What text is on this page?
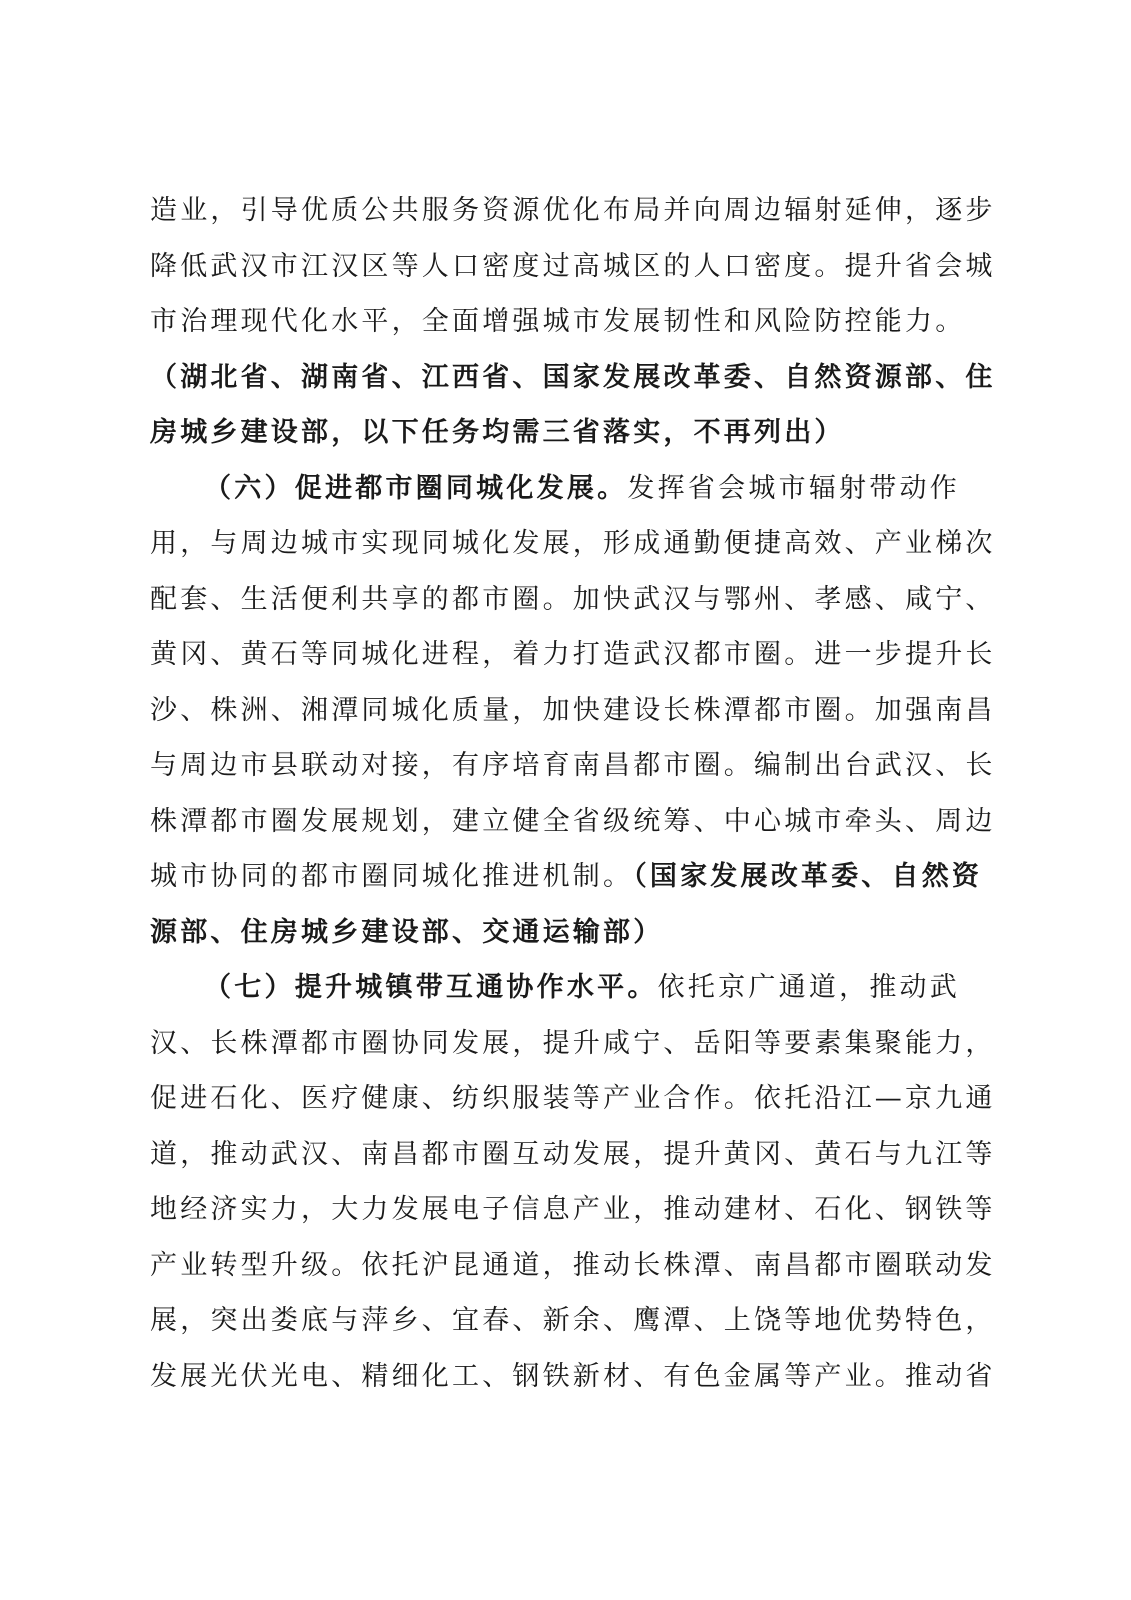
造业，引导优质公共服务资源优化布局并向周边辐射延伸，逐步
降低武汉市江汉区等人口密度过高城区的人口密度。提升省会城
市治理现代化水平，全面增强城市发展韧性和风险防控能力。
（湖北省、湖南省、江西省、国家发展改革委、自然资源部、住
房城乡建设部，以下任务均需三省落实，不再列出）
（六）促进都市圈同城化发展。发挥省会城市辐射带动作
用，与周边城市实现同城化发展，形成通勤便捷高效、产业梯次
配套、生活便利共享的都市圈。加快武汉与鄂州、孝感、咸宁、
黄冈、黄石等同城化进程，着力打造武汉都市圈。进一步提升长
沙、株洲、湘潭同城化质量，加快建设长株潭都市圈。加强南昌
与周边市县联动对接，有序培育南昌都市圈。编制出台武汉、长
株潭都市圈发展规划，建立健全省级统筹、中心城市牵头、周边
城市协同的都市圈同城化推进机制。（国家发展改革委、自然资
源部、住房城乡建设部、交通运输部）
（七）提升城镇带互通协作水平。依托京广通道，推动武
汉、长株潭都市圈协同发展，提升咸宁、岳阳等要素集聚能力，
促进石化、医疗健康、纺织服装等产业合作。依托沿江—京九通
道，推动武汉、南昌都市圈互动发展，提升黄冈、黄石与九江等
地经济实力，大力发展电子信息产业，推动建材、石化、钢铁等
产业转型升级。依托沪昆通道，推动长株潭、南昌都市圈联动发
展，突出娄底与萍乡、宜春、新余、鹰潭、上饶等地优势特色，
发展光伏光电、精细化工、钢铁新材、有色金属等产业。推动省
